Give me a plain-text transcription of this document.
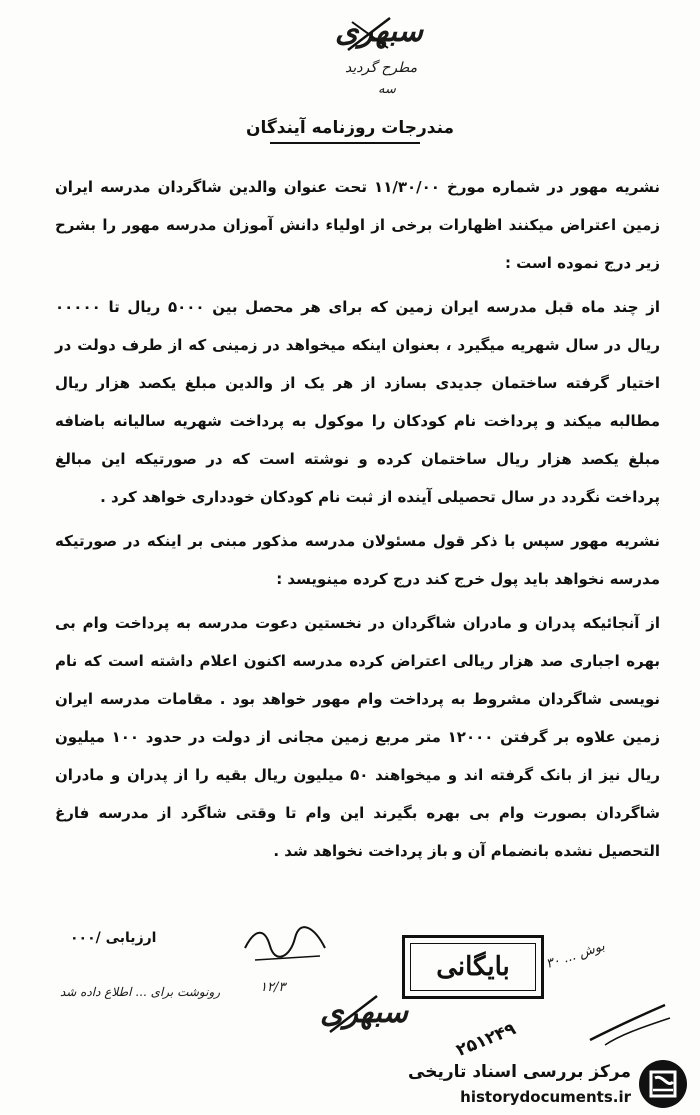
سبهری
مطرح گردید
سه
مندرجات روزنامه آیندگان

نشریه مهور در شماره مورخ ۱۱/۳۰/۰۰ تحت عنوان والدین شاگردان مدرسه ایران زمین اعتراض میکنند اظهارات برخی از اولیاء دانش آموزان مدرسه مهور را بشرح زیر درج نموده است :

از چند ماه قبل مدرسه ایران زمین که برای هر محصل بین ۵۰۰۰ ریال تا ۰۰۰۰۰ ریال در سال شهریه میگیرد ، بعنوان اینکه میخواهد در زمینی که از طرف دولت در اختیار گرفته ساختمان جدیدی بسازد از هر یک از والدین مبلغ یکصد هزار ریال مطالبه میکند و پرداخت نام کودکان را موکول به پرداخت شهریه سالیانه باضافه مبلغ یکصد هزار ریال ساختمان کرده و نوشته است که در صورتیکه این مبالغ پرداخت نگردد در سال تحصیلی آینده از ثبت نام کودکان خودداری خواهد کرد .

نشریه مهور سپس با ذکر قول مسئولان مدرسه مذکور مبنی بر اینکه در صورتیکه مدرسه نخواهد باید پول خرج کند درج کرده مینویسد :

از آنجائیکه پدران و مادران شاگردان در نخستین دعوت مدرسه به پرداخت وام بی بهره اجباری صد هزار ریالی اعتراض کرده مدرسه اکنون اعلام داشته است که نام نویسی شاگردان مشروط به پرداخت وام مهور خواهد بود . مقامات مدرسه ایران زمین علاوه بر گرفتن ۱۲۰۰۰ متر مربع زمین مجانی از دولت در حدود ۱۰۰ میلیون ریال نیز از بانک گرفته اند و میخواهند ۵۰ میلیون ریال بقیه را از پدران و مادران شاگردان بصورت وام بی بهره بگیرند این وام تا وقتی شاگرد از مدرسه فارغ التحصیل نشده بانضمام آن و باز پرداخت نخواهد شد .

ارزیابی /۰۰۰
رونوشت برای ... اطلاع داده شد	۱۲/۳
بایگانی
سبهری
بوش ... ۳۰
۲۵۱۲۴۹
مرکز بررسی اسناد تاریخی
historydocuments.ir
